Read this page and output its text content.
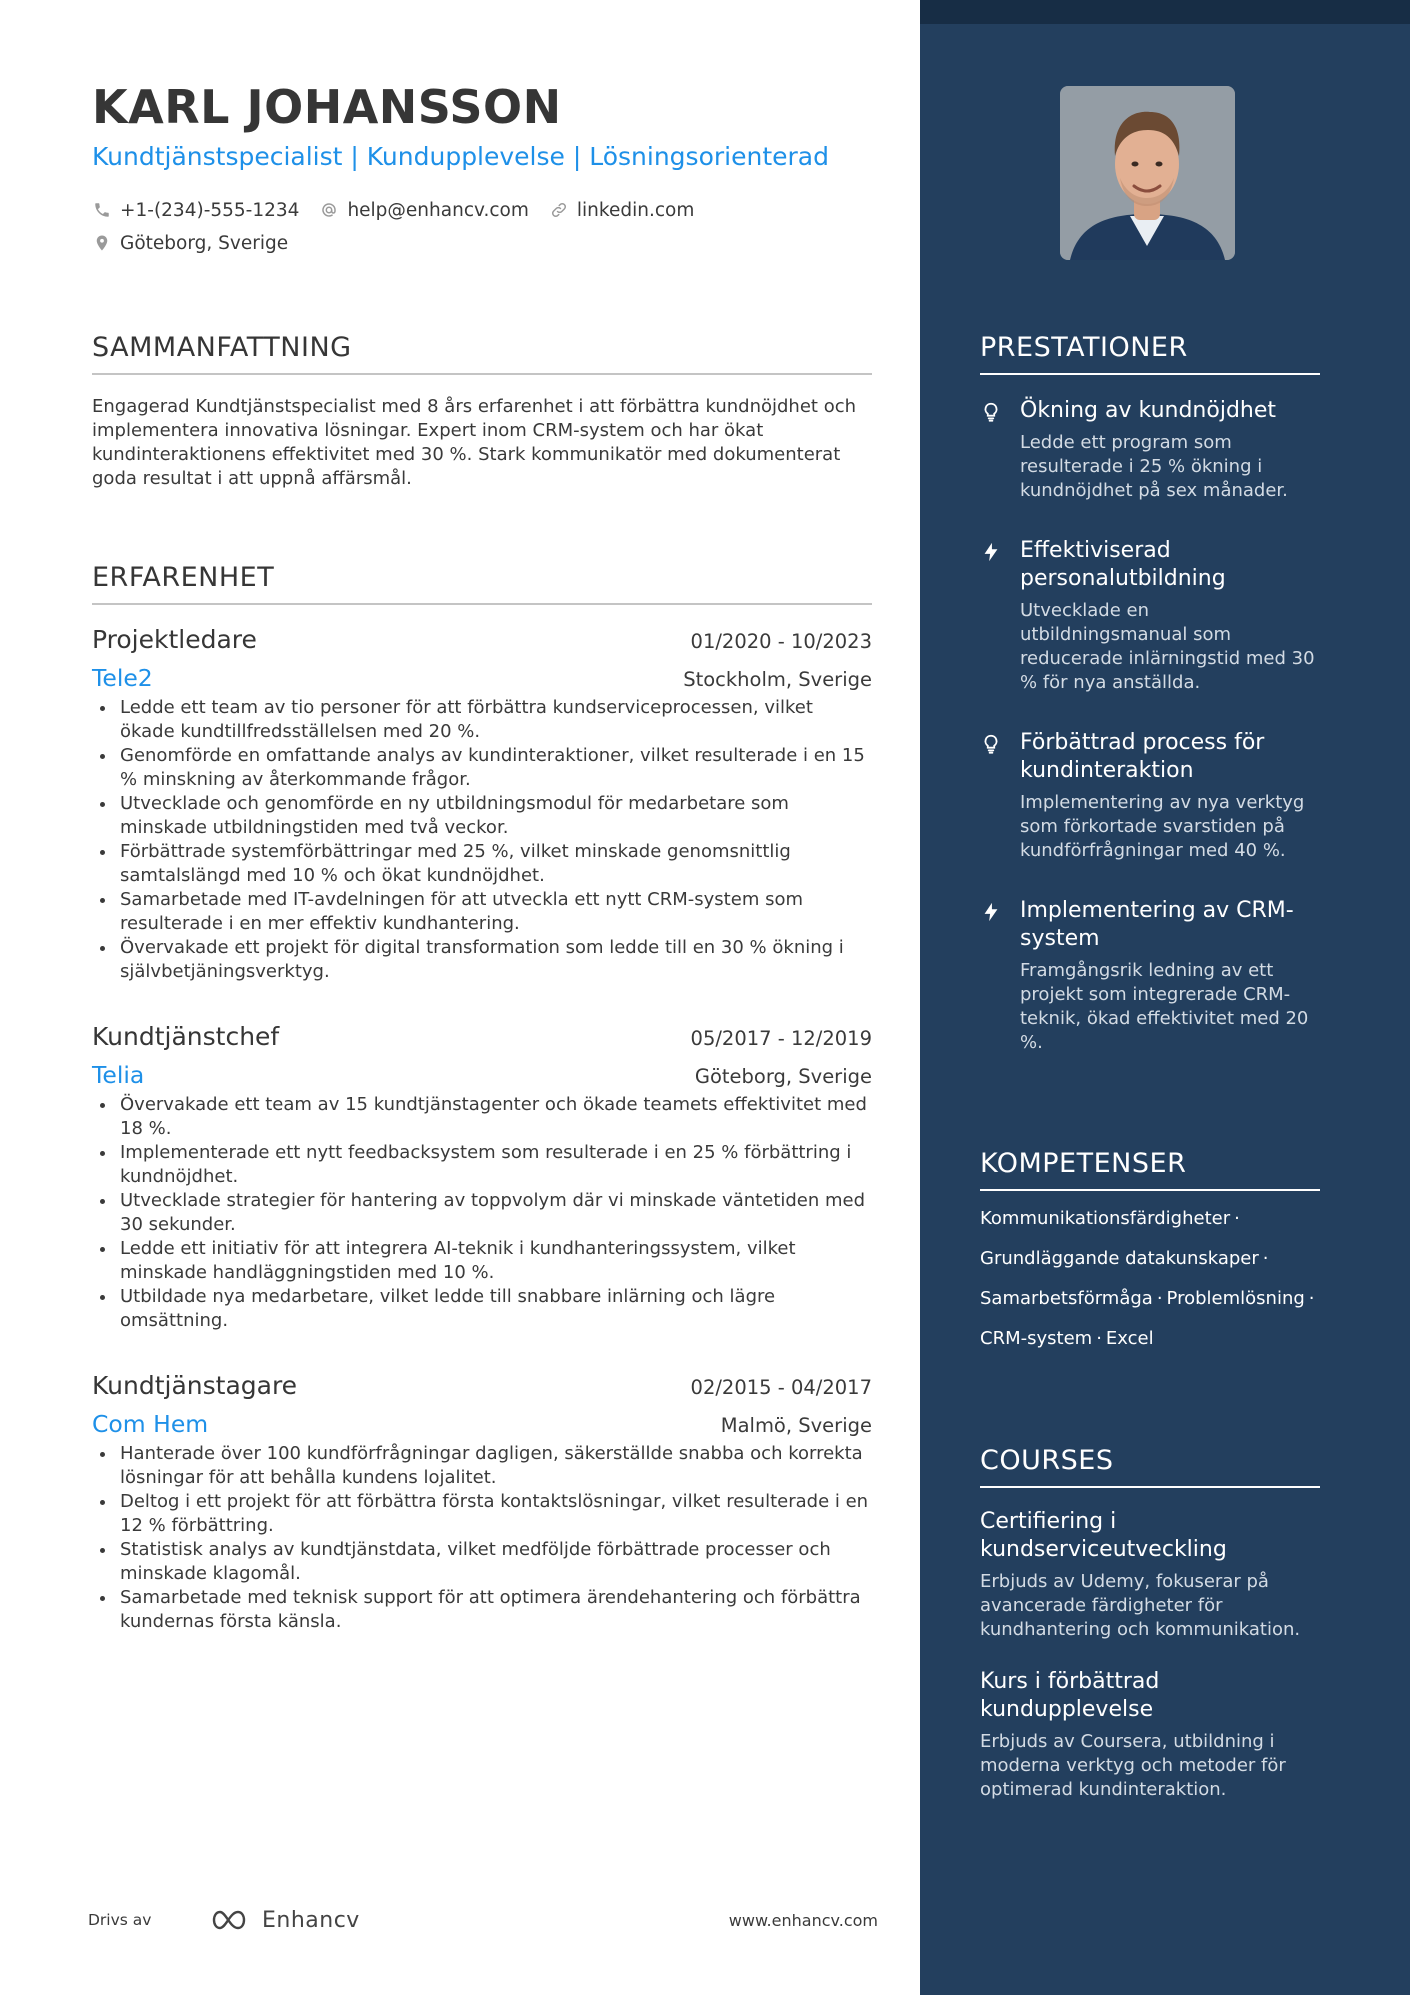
KARL JOHANSSON
Kundtjänstspecialist | Kundupplevelse | Lösningsorienterad
+1-(234)-555-1234	help@enhancv.com	linkedin.com
Göteborg, Sverige
SAMMANFATTNING
Engagerad Kundtjänstspecialist med 8 års erfarenhet i att förbättra kundnöjdhet och implementera innovativa lösningar. Expert inom CRM-system och har ökat kundinteraktionens effektivitet med 30 %. Stark kommunikatör med dokumenterat goda resultat i att uppnå affärsmål.
ERFARENHET
Projektledare	01/2020 - 10/2023
Tele2	Stockholm, Sverige
Ledde ett team av tio personer för att förbättra kundserviceprocessen, vilket ökade kundtillfredsställelsen med 20 %.
Genomförde en omfattande analys av kundinteraktioner, vilket resulterade i en 15 % minskning av återkommande frågor.
Utvecklade och genomförde en ny utbildningsmodul för medarbetare som minskade utbildningstiden med två veckor.
Förbättrade systemförbättringar med 25 %, vilket minskade genomsnittlig samtalslängd med 10 % och ökat kundnöjdhet.
Samarbetade med IT-avdelningen för att utveckla ett nytt CRM-system som resulterade i en mer effektiv kundhantering.
Övervakade ett projekt för digital transformation som ledde till en 30 % ökning i självbetjäningsverktyg.
Kundtjänstchef	05/2017 - 12/2019
Telia	Göteborg, Sverige
Övervakade ett team av 15 kundtjänstagenter och ökade teamets effektivitet med 18 %.
Implementerade ett nytt feedbacksystem som resulterade i en 25 % förbättring i kundnöjdhet.
Utvecklade strategier för hantering av toppvolym där vi minskade väntetiden med 30 sekunder.
Ledde ett initiativ för att integrera AI-teknik i kundhanteringssystem, vilket minskade handläggningstiden med 10 %.
Utbildade nya medarbetare, vilket ledde till snabbare inlärning och lägre omsättning.
Kundtjänstagare	02/2015 - 04/2017
Com Hem	Malmö, Sverige
Hanterade över 100 kundförfrågningar dagligen, säkerställde snabba och korrekta lösningar för att behålla kundens lojalitet.
Deltog i ett projekt för att förbättra första kontaktslösningar, vilket resulterade i en 12 % förbättring.
Statistisk analys av kundtjänstdata, vilket medföljde förbättrade processer och minskade klagomål.
Samarbetade med teknisk support för att optimera ärendehantering och förbättra kundernas första känsla.
Drivs av	Enhancv	www.enhancv.com
PRESTATIONER
Ökning av kundnöjdhet
Ledde ett program som resulterade i 25 % ökning i kundnöjdhet på sex månader.
Effektiviserad personalutbildning
Utvecklade en utbildningsmanual som reducerade inlärningstid med 30 % för nya anställda.
Förbättrad process för kundinteraktion
Implementering av nya verktyg som förkortade svarstiden på kundförfrågningar med 40 %.
Implementering av CRM-system
Framgångsrik ledning av ett projekt som integrerade CRM-teknik, ökad effektivitet med 20 %.
KOMPETENSER
Kommunikationsfärdigheter ·
Grundläggande datakunskaper ·
Samarbetsförmåga · Problemlösning ·
CRM-system · Excel
COURSES
Certifiering i kundserviceutveckling
Erbjuds av Udemy, fokuserar på avancerade färdigheter för kundhantering och kommunikation.
Kurs i förbättrad kundupplevelse
Erbjuds av Coursera, utbildning i moderna verktyg och metoder för optimerad kundinteraktion.
